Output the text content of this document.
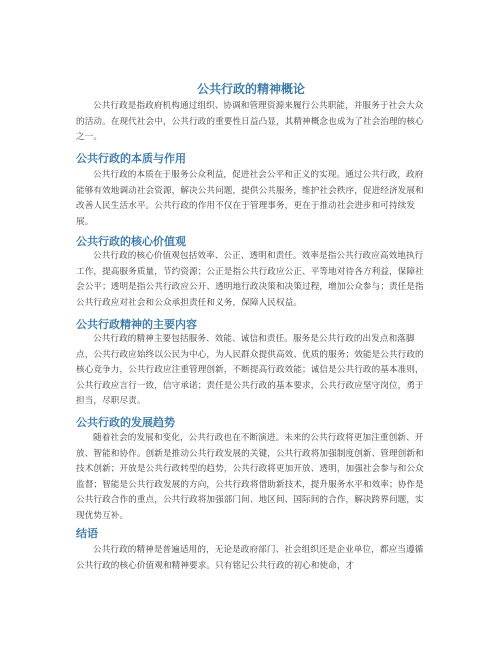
公共行政的精神概论

公共行政是指政府机构通过组织、协调和管理资源来履行公共职能，并服务于社会大众的活动。在现代社会中，公共行政的重要性日益凸显，其精神概念也成为了社会治理的核心之一。

公共行政的本质与作用

公共行政的本质在于服务公众利益，促进社会公平和正义的实现。通过公共行政，政府能够有效地调动社会资源，解决公共问题，提供公共服务，维护社会秩序，促进经济发展和改善人民生活水平。公共行政的作用不仅在于管理事务，更在于推动社会进步和可持续发展。

公共行政的核心价值观

公共行政的核心价值观包括效率、公正、透明和责任。效率是指公共行政应高效地执行工作，提高服务质量，节约资源；公正是指公共行政应公正、平等地对待各方利益，保障社会公平；透明是指公共行政应公开、透明地行政决策和决策过程，增加公众参与；责任是指公共行政应对社会和公众承担责任和义务，保障人民权益。

公共行政精神的主要内容

公共行政的精神主要包括服务、效能、诚信和责任。服务是公共行政的出发点和落脚点，公共行政应始终以公民为中心，为人民群众提供高效、优质的服务；效能是公共行政的核心竞争力，公共行政应注重管理创新，不断提高行政效能；诚信是公共行政的基本准则，公共行政应言行一致，信守承诺；责任是公共行政的基本要求，公共行政应坚守岗位，勇于担当，尽职尽责。

公共行政的发展趋势

随着社会的发展和变化，公共行政也在不断演进。未来的公共行政将更加注重创新、开放、智能和协作。创新是推动公共行政发展的关键，公共行政将加强制度创新、管理创新和技术创新；开放是公共行政转型的趋势，公共行政将更加开放、透明，加强社会参与和公众监督；智能是公共行政发展的方向，公共行政将借助新技术，提升服务水平和效率；协作是公共行政合作的重点，公共行政将加强部门间、地区间、国际间的合作，解决跨界问题，实现优势互补。

结语

公共行政的精神是普遍适用的，无论是政府部门、社会组织还是企业单位，都应当遵循公共行政的核心价值观和精神要求。只有铭记公共行政的初心和使命，才
